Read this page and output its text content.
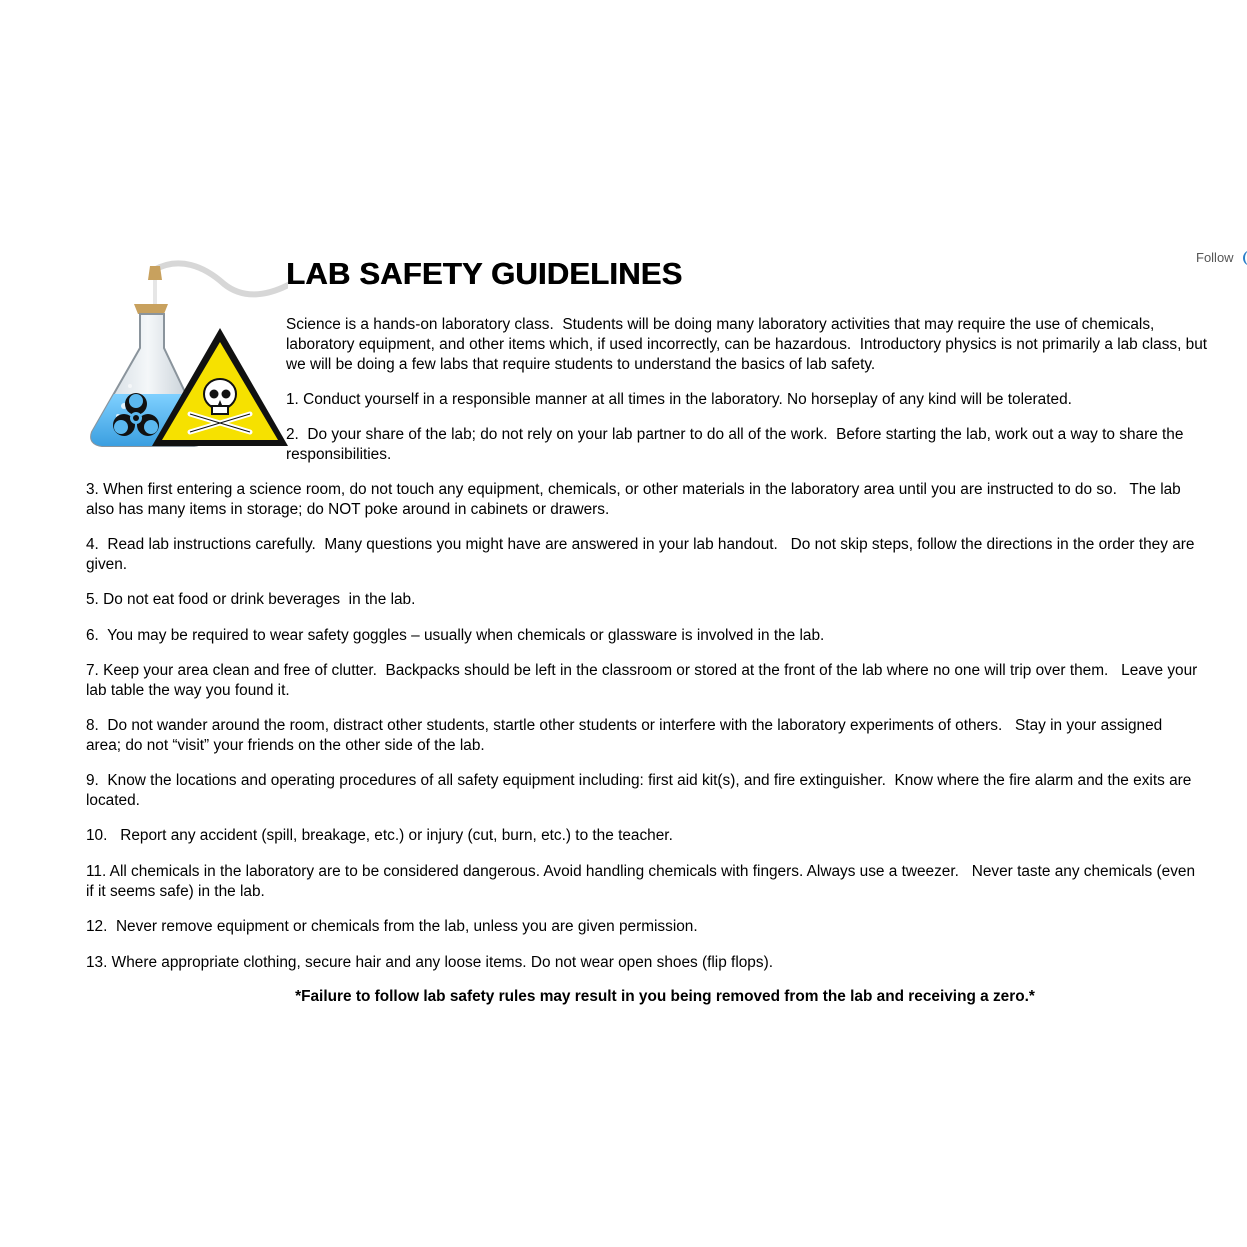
Follow
LAB SAFETY GUIDELINES

Science is a hands-on laboratory class.  Students will be doing many laboratory activities that may require the use of chemicals,
laboratory equipment, and other items which, if used incorrectly, can be hazardous.  Introductory physics is not primarily a lab class, but
we will be doing a few labs that require students to understand the basics of lab safety.

1. Conduct yourself in a responsible manner at all times in the laboratory. No horseplay of any kind will be tolerated.

2.  Do your share of the lab; do not rely on your lab partner to do all of the work.  Before starting the lab, work out a way to share the
responsibilities.

3. When first entering a science room, do not touch any equipment, chemicals, or other materials in the laboratory area until you are instructed to do so.   The lab
also has many items in storage; do NOT poke around in cabinets or drawers.

4.  Read lab instructions carefully.  Many questions you might have are answered in your lab handout.   Do not skip steps, follow the directions in the order they are
given.

5. Do not eat food or drink beverages  in the lab.

6.  You may be required to wear safety goggles – usually when chemicals or glassware is involved in the lab.

7. Keep your area clean and free of clutter.  Backpacks should be left in the classroom or stored at the front of the lab where no one will trip over them.   Leave your
lab table the way you found it.

8.  Do not wander around the room, distract other students, startle other students or interfere with the laboratory experiments of others.   Stay in your assigned
area; do not “visit” your friends on the other side of the lab.

9.  Know the locations and operating procedures of all safety equipment including: first aid kit(s), and fire extinguisher.  Know where the fire alarm and the exits are
located.

10.   Report any accident (spill, breakage, etc.) or injury (cut, burn, etc.) to the teacher.

11. All chemicals in the laboratory are to be considered dangerous. Avoid handling chemicals with fingers. Always use a tweezer.   Never taste any chemicals (even
if it seems safe) in the lab.

12.  Never remove equipment or chemicals from the lab, unless you are given permission.

13. Where appropriate clothing, secure hair and any loose items. Do not wear open shoes (flip flops).

*Failure to follow lab safety rules may result in you being removed from the lab and receiving a zero.*
